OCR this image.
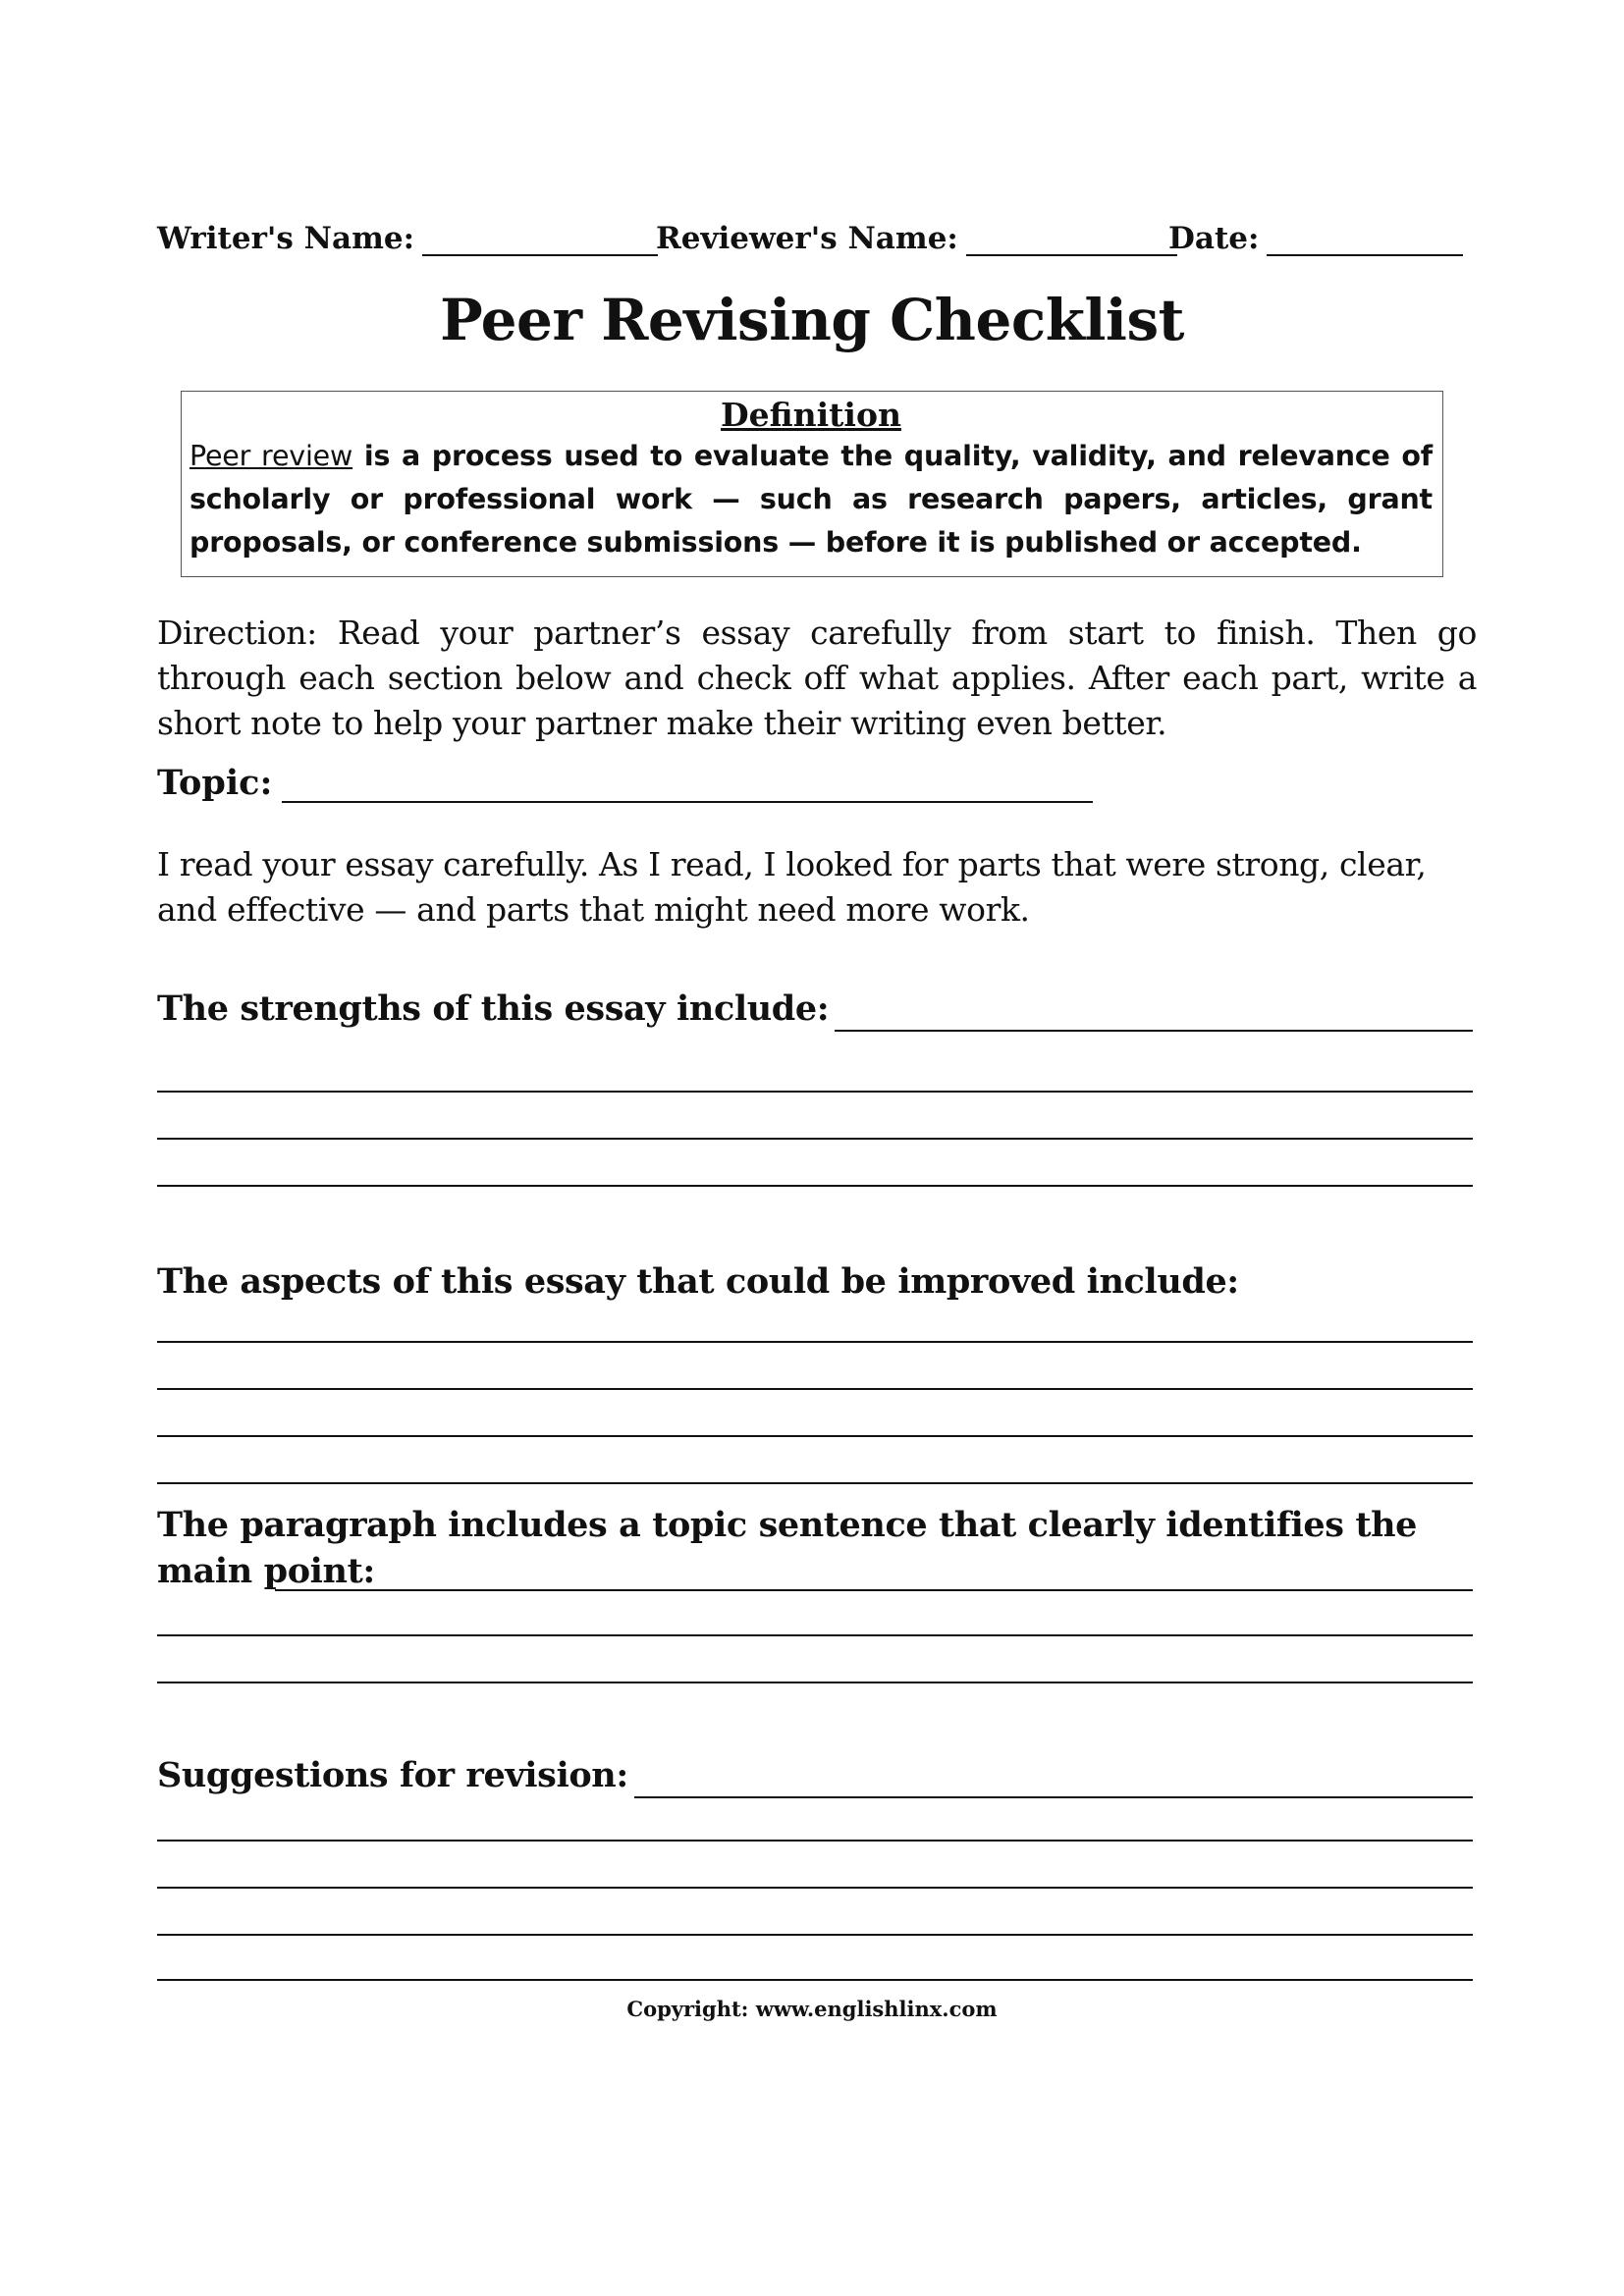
Writer's Name:	Reviewer's Name:	Date:
Peer Revising Checklist
Definition
Peer review is a process used to evaluate the quality, validity, and relevance of scholarly or professional work — such as research papers, articles, grant proposals, or conference submissions — before it is published or accepted.
Direction: Read your partner’s essay carefully from start to finish. Then go through each section below and check off what applies. After each part, write a short note to help your partner make their writing even better.
Topic:
I read your essay carefully. As I read, I looked for parts that were strong, clear, and effective — and parts that might need more work.
The strengths of this essay include:
The aspects of this essay that could be improved include:
The paragraph includes a topic sentence that clearly identifies the main point:
Suggestions for revision:
Copyright: www.englishlinx.com
